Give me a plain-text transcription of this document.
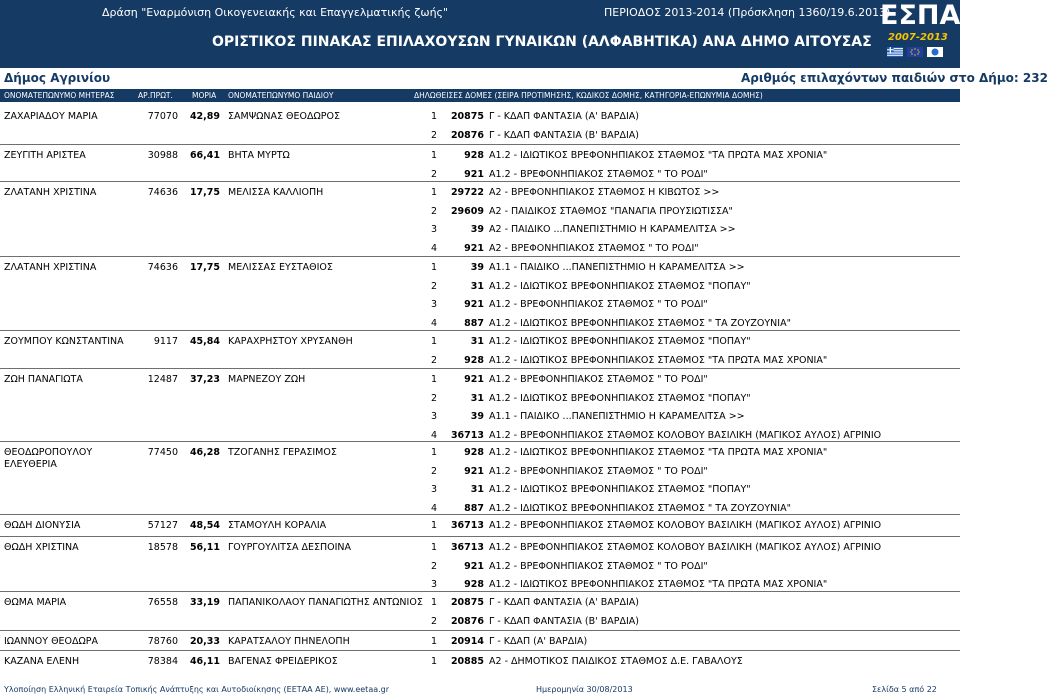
Δράση "Εναρμόνιση Οικογενειακής και Επαγγελματικής ζωής"	ΠΕΡΙΟΔΟΣ 2013-2014 (Πρόσκληση 1360/19.6.2013)
ΟΡΙΣΤΙΚΟΣ ΠΙΝΑΚΑΣ ΕΠΙΛΑΧΟΥΣΩΝ ΓΥΝΑΙΚΩΝ (ΑΛΦΑΒΗΤΙΚΑ) ΑΝΑ ΔΗΜΟ ΑΙΤΟΥΣΑΣ
ΕΣΠΑ
2007-2013
Δήμος Αγρινίου	Αριθμός επιλαχόντων παιδιών στο Δήμο: 232
ΟΝΟΜΑΤΕΠΩΝΥΜΟ ΜΗΤΕΡΑΣ	ΑΡ.ΠΡΩΤ.	ΜΟΡΙΑ ΟΝΟΜΑΤΕΠΩΝΥΜΟ ΠΑΙΔΙΟΥ	ΔΗΛΩΘΕΙΣΕΣ ΔΟΜΕΣ (ΣΕΙΡΑ ΠΡΟΤΙΜΗΣΗΣ, ΚΩΔΙΚΟΣ ΔΟΜΗΣ, ΚΑΤΗΓΟΡΙΑ-ΕΠΩΝΥΜΙΑ ΔΟΜΗΣ)
ΖΑΧΑΡΙΑΔΟΥ ΜΑΡΙΑ	77070	42,89 ΣΑΜΨΩΝΑΣ ΘΕΟΔΩΡΟΣ	1	20875 Γ - ΚΔΑΠ ΦΑΝΤΑΣΙΑ (Α' ΒΑΡΔΙΑ)
2	20876 Γ - ΚΔΑΠ ΦΑΝΤΑΣΙΑ (Β' ΒΑΡΔΙΑ)
ΖΕΥΓΙΤΗ ΑΡΙΣΤΕΑ	30988	66,41 ΒΗΤΑ ΜΥΡΤΩ	1	928 Α1.2 - ΙΔΙΩΤΙΚΟΣ ΒΡΕΦΟΝΗΠΙΑΚΟΣ ΣΤΑΘΜΟΣ "ΤΑ ΠΡΩΤΑ ΜΑΣ ΧΡΟΝΙΑ"
2	921 Α1.2 - ΒΡΕΦΟΝΗΠΙΑΚΟΣ ΣΤΑΘΜΟΣ " ΤΟ ΡΟΔΙ"
ΖΛΑΤΑΝΗ ΧΡΙΣΤΙΝΑ	74636	17,75 ΜΕΛΙΣΣΑ ΚΑΛΛΙΟΠΗ	1	29722 Α2 - ΒΡΕΦΟΝΗΠΙΑΚΟΣ ΣΤΑΘΜΟΣ Η ΚΙΒΩΤΟΣ >>
2	29609 Α2 - ΠΑΙΔΙΚΟΣ ΣΤΑΘΜΟΣ "ΠΑΝΑΓΙΑ ΠΡΟΥΣΙΩΤΙΣΣΑ"
3	39 Α2 - ΠΑΙΔΙΚΟ ...ΠΑΝΕΠΙΣΤΗΜΙΟ Η ΚΑΡΑΜΕΛΙΤΣΑ >>
4	921 Α2 - ΒΡΕΦΟΝΗΠΙΑΚΟΣ ΣΤΑΘΜΟΣ " ΤΟ ΡΟΔΙ"
ΖΛΑΤΑΝΗ ΧΡΙΣΤΙΝΑ	74636	17,75 ΜΕΛΙΣΣΑΣ ΕΥΣΤΑΘΙΟΣ	1	39 Α1.1 - ΠΑΙΔΙΚΟ ...ΠΑΝΕΠΙΣΤΗΜΙΟ Η ΚΑΡΑΜΕΛΙΤΣΑ >>
2	31 Α1.2 - ΙΔΙΩΤΙΚΟΣ ΒΡΕΦΟΝΗΠΙΑΚΟΣ ΣΤΑΘΜΟΣ "ΠΟΠΑΥ"
3	921 Α1.2 - ΒΡΕΦΟΝΗΠΙΑΚΟΣ ΣΤΑΘΜΟΣ " ΤΟ ΡΟΔΙ"
4	887 Α1.2 - ΙΔΙΩΤΙΚΟΣ ΒΡΕΦΟΝΗΠΙΑΚΟΣ ΣΤΑΘΜΟΣ " ΤΑ ΖΟΥΖΟΥΝΙΑ"
ΖΟΥΜΠΟΥ ΚΩΝΣΤΑΝΤΙΝΑ	9117	45,84 ΚΑΡΑΧΡΗΣΤΟΥ ΧΡΥΣΑΝΘΗ	1	31 Α1.2 - ΙΔΙΩΤΙΚΟΣ ΒΡΕΦΟΝΗΠΙΑΚΟΣ ΣΤΑΘΜΟΣ "ΠΟΠΑΥ"
2	928 Α1.2 - ΙΔΙΩΤΙΚΟΣ ΒΡΕΦΟΝΗΠΙΑΚΟΣ ΣΤΑΘΜΟΣ "ΤΑ ΠΡΩΤΑ ΜΑΣ ΧΡΟΝΙΑ"
ΖΩΗ ΠΑΝΑΓΙΩΤΑ	12487	37,23 ΜΑΡΝΕΖΟΥ ΖΩΗ	1	921 Α1.2 - ΒΡΕΦΟΝΗΠΙΑΚΟΣ ΣΤΑΘΜΟΣ " ΤΟ ΡΟΔΙ"
2	31 Α1.2 - ΙΔΙΩΤΙΚΟΣ ΒΡΕΦΟΝΗΠΙΑΚΟΣ ΣΤΑΘΜΟΣ "ΠΟΠΑΥ"
3	39 Α1.1 - ΠΑΙΔΙΚΟ ...ΠΑΝΕΠΙΣΤΗΜΙΟ Η ΚΑΡΑΜΕΛΙΤΣΑ >>
4	36713 Α1.2 - ΒΡΕΦΟΝΗΠΙΑΚΟΣ ΣΤΑΘΜΟΣ ΚΟΛΟΒΟΥ ΒΑΣΙΛΙΚΗ (ΜΑΓΙΚΟΣ ΑΥΛΟΣ) ΑΓΡΙΝΙΟ
ΘΕΟΔΩΡΟΠΟΥΛΟΥ
ΕΛΕΥΘΕΡΙΑ
77450	46,28 ΤΖΟΓΑΝΗΣ ΓΕΡΑΣΙΜΟΣ	1	928 Α1.2 - ΙΔΙΩΤΙΚΟΣ ΒΡΕΦΟΝΗΠΙΑΚΟΣ ΣΤΑΘΜΟΣ "ΤΑ ΠΡΩΤΑ ΜΑΣ ΧΡΟΝΙΑ"
2	921 Α1.2 - ΒΡΕΦΟΝΗΠΙΑΚΟΣ ΣΤΑΘΜΟΣ " ΤΟ ΡΟΔΙ"
3	31 Α1.2 - ΙΔΙΩΤΙΚΟΣ ΒΡΕΦΟΝΗΠΙΑΚΟΣ ΣΤΑΘΜΟΣ "ΠΟΠΑΥ"
4	887 Α1.2 - ΙΔΙΩΤΙΚΟΣ ΒΡΕΦΟΝΗΠΙΑΚΟΣ ΣΤΑΘΜΟΣ " ΤΑ ΖΟΥΖΟΥΝΙΑ"
ΘΩΔΗ ΔΙΟΝΥΣΙΑ	57127	48,54 ΣΤΑΜΟΥΛΗ ΚΟΡΑΛΙΑ	1	36713 Α1.2 - ΒΡΕΦΟΝΗΠΙΑΚΟΣ ΣΤΑΘΜΟΣ ΚΟΛΟΒΟΥ ΒΑΣΙΛΙΚΗ (ΜΑΓΙΚΟΣ ΑΥΛΟΣ) ΑΓΡΙΝΙΟ
ΘΩΔΗ ΧΡΙΣΤΙΝΑ	18578	56,11 ΓΟΥΡΓΟΥΛΙΤΣΑ ΔΕΣΠΟΙΝΑ	1	36713 Α1.2 - ΒΡΕΦΟΝΗΠΙΑΚΟΣ ΣΤΑΘΜΟΣ ΚΟΛΟΒΟΥ ΒΑΣΙΛΙΚΗ (ΜΑΓΙΚΟΣ ΑΥΛΟΣ) ΑΓΡΙΝΙΟ
2	921 Α1.2 - ΒΡΕΦΟΝΗΠΙΑΚΟΣ ΣΤΑΘΜΟΣ " ΤΟ ΡΟΔΙ"
3	928 Α1.2 - ΙΔΙΩΤΙΚΟΣ ΒΡΕΦΟΝΗΠΙΑΚΟΣ ΣΤΑΘΜΟΣ "ΤΑ ΠΡΩΤΑ ΜΑΣ ΧΡΟΝΙΑ"
ΘΩΜΑ ΜΑΡΙΑ	76558	33,19 ΠΑΠΑΝΙΚΟΛΑΟΥ ΠΑΝΑΓΙΩΤΗΣ ΑΝΤΩΝΙΟΣ 1	20875 Γ - ΚΔΑΠ ΦΑΝΤΑΣΙΑ (Α' ΒΑΡΔΙΑ)
2	20876 Γ - ΚΔΑΠ ΦΑΝΤΑΣΙΑ (Β' ΒΑΡΔΙΑ)
ΙΩΑΝΝΟΥ ΘΕΟΔΩΡΑ	78760	20,33 ΚΑΡΑΤΣΑΛΟΥ ΠΗΝΕΛΟΠΗ	1	20914 Γ - ΚΔΑΠ (Α' ΒΑΡΔΙΑ)
ΚΑΖΑΝΑ ΕΛΕΝΗ	78384	46,11 ΒΑΓΕΝΑΣ ΦΡΕΙΔΕΡΙΚΟΣ	1	20885 Α2 - ΔΗΜΟΤΙΚΟΣ ΠΑΙΔΙΚΟΣ ΣΤΑΘΜΟΣ Δ.Ε. ΓΑΒΑΛΟΥΣ
Υλοποίηση Ελληνική Εταιρεία Τοπικής Ανάπτυξης και Αυτοδιοίκησης (ΕΕΤΑΑ ΑΕ), www.eetaa.gr	Ημερομηνία 30/08/2013	Σελίδα 5 από 22
